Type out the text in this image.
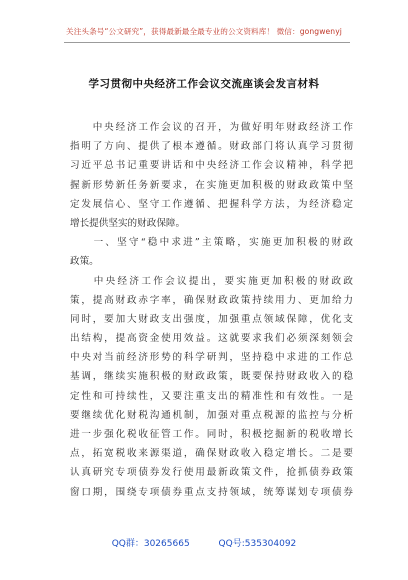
关注头条号“公文研究”，获得最新最全最专业的公文资料库！ 微信：gongwenyj
学习贯彻中央经济工作会议交流座谈会发言材料
　　中央经济工作会议的召开，为做好明年财政经济工作
指明了方向、提供了根本遵循。财政部门将认真学习贯彻
习近平总书记重要讲话和中央经济工作会议精神，科学把
握新形势新任务新要求，在实施更加积极的财政政策中坚
定发展信心、坚守工作遵循、把握科学方法，为经济稳定
增长提供坚实的财政保障。
　　一、坚守“稳中求进”主策略，实施更加积极的财政
政策。
　　中央经济工作会议提出，要实施更加积极的财政政
策，提高财政赤字率，确保财政政策持续用力、更加给力
同时，要加大财政支出强度，加强重点领域保障，优化支
出结构，提高资金使用效益。这就要求我们必须深刻领会
中央对当前经济形势的科学研判，坚持稳中求进的工作总
基调，继续实施积极的财政政策，既要保持财政收入的稳
定性和可持续性，又要注重支出的精准性和有效性。一是
要继续优化财税沟通机制，加强对重点税源的监控与分析
进一步强化税收征管工作。同时，积极挖掘新的税收增长
点，拓宽税收来源渠道，确保财政收入稳定增长。二是要
认真研究专项债券发行使用最新政策文件，抢抓债券政策
窗口期，围绕专项债券重点支持领域，统筹谋划专项债券
QQ群：30265665	QQ号:535304092
